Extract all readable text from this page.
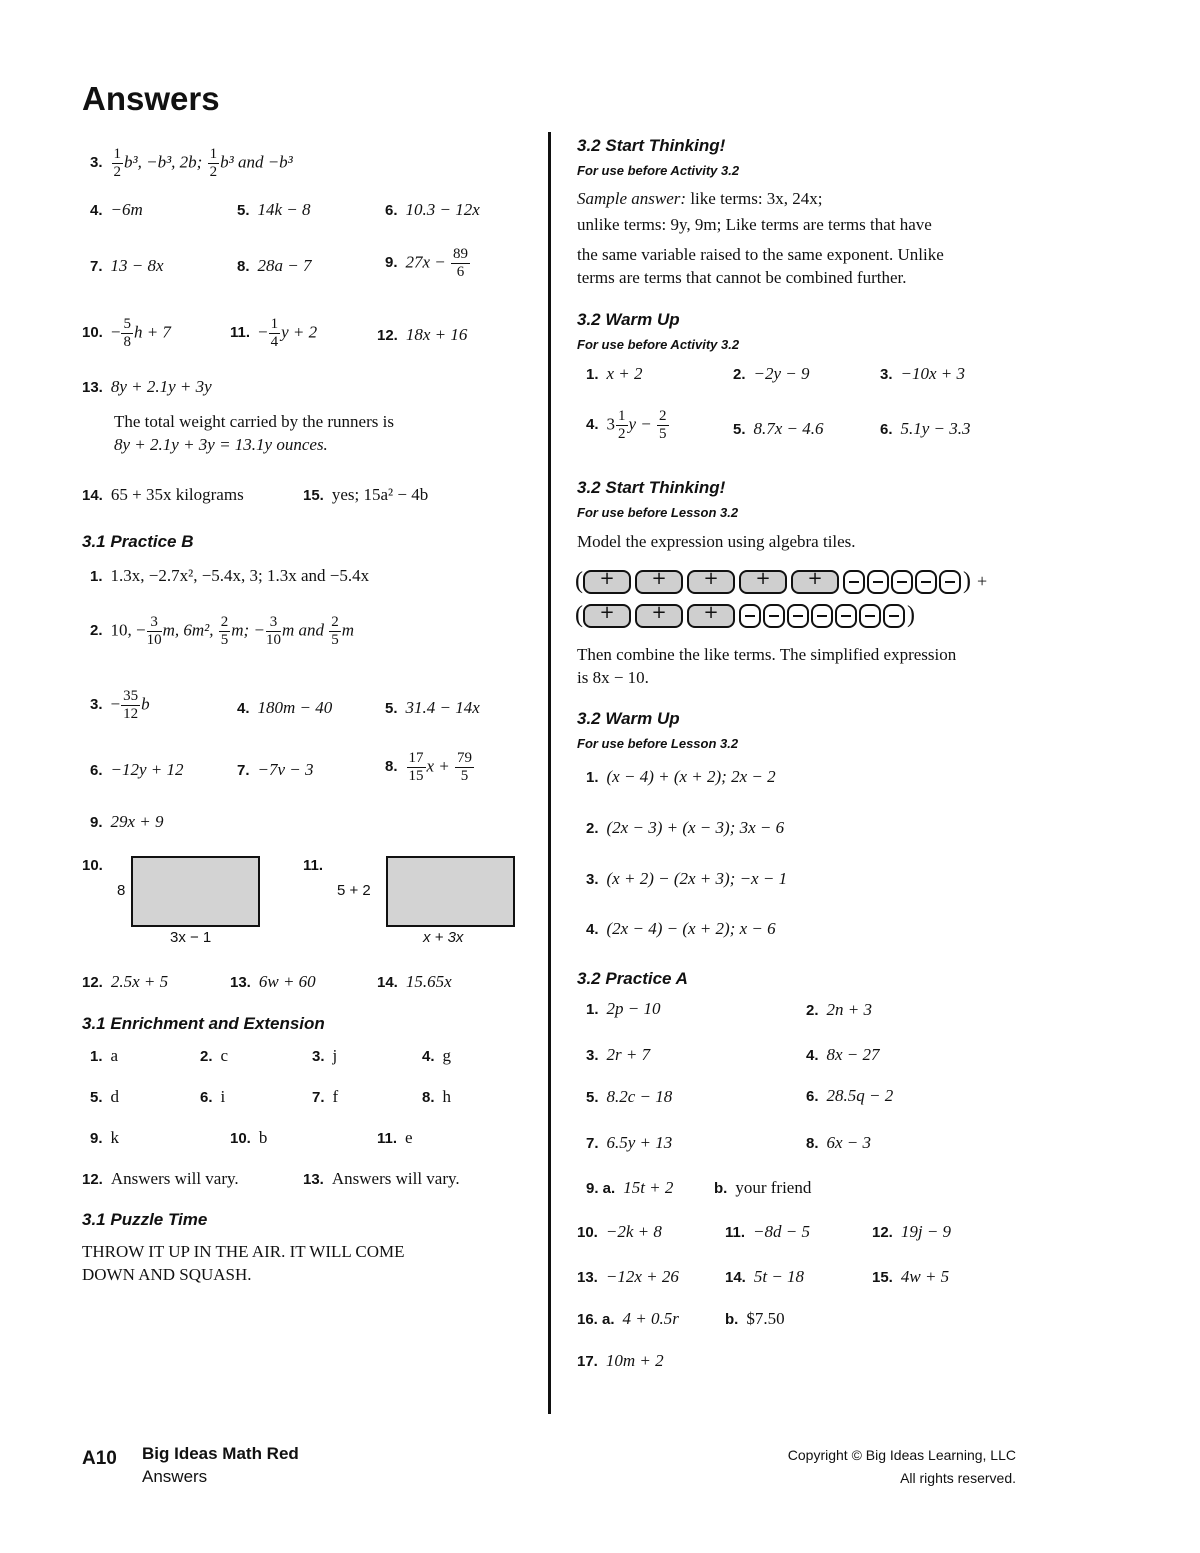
Answers
3. $\frac{1}{2} b^3$, −b³, 2b; $\frac{1}{2} b^3$ and −b³
4. −6m	5. 14k − 8	6. 10.3 − 12x
7. 13 − 8x	8. 28a − 7	9. $27x - \frac{89}{6}$
10. − $\frac{5}{8}$ h + 7	11. − $\frac{1}{4}$ y + 2	12. 18x + 16
13. 8y + 2.1y + 3y
The total weight carried by the runners is
8y + 2.1y + 3y = 13.1y ounces.
14. 65 + 35x kilograms	15. yes; 15a² − 4b
3.1 Practice B
1. 1.3x, −2.7x², −5.4x, 3; 1.3x and −5.4x
2. 10, − $\frac{3}{10} m$, 6m², $\frac{2}{5} m$; − $\frac{3}{10}$ m and $\frac{2}{5}$ m
3. − $\frac{35}{12}$ b	4. 180m − 40	5. 31.4 − 14x
6. −12y + 12	7. −7v − 3	8. $\frac{17}{15}$ $x + \frac{79}{5}$
9. 29x + 9
10.
8
3x − 1
11.
5 + 2
x + 3x
12. 2.5x + 5	13. 6w + 60	14. 15.65x
3.1 Enrichment and Extension
1. a	2. c	3. j	4. g
5. d	6. i	7. f	8. h
9. k	10. b	11. e
12. Answers will vary.	13. Answers will vary.
3.1 Puzzle Time
THROW IT UP IN THE AIR. IT WILL COME
DOWN AND SQUASH.
3.2 Start Thinking!
For use before Activity 3.2
Sample answer: like terms: 3x, 24x;
unlike terms: 9y, 9m; Like terms are terms that have
the same variable raised to the same exponent. Unlike
terms are terms that cannot be combined further.
3.2 Warm Up
For use before Activity 3.2
1. x + 2	2. −2y − 9	3. −10x + 3
4. $3 \frac{1}{2}$ $y - \frac{2}{5}$	5. 8.7x − 4.6	6. 5.1y − 3.3
3.2 Start Thinking!
For use before Lesson 3.2
Model the expression using algebra tiles.
( + + + + +	) +
( + + +	)
Then combine the like terms. The simplified expression
is 8x − 10.
3.2 Warm Up
For use before Lesson 3.2
1. (x − 4) + (x + 2); 2x − 2
2. (2x − 3) + (x − 3); 3x − 6
3. (x + 2) − (2x + 3); −x − 1
4. (2x − 4) − (x + 2); x − 6
3.2 Practice A
1. 2p − 10	2. 2n + 3
3. 2r + 7	4. 8x − 27
5. 8.2c − 18	6. 28.5q − 2
7. 6.5y + 13	8. 6x − 3
9. a. 15t + 2	b. your friend
10. −2k + 8	11. −8d − 5	12. 19j − 9
13. −12x + 26	14. 5t − 18	15. 4w + 5
16. a. 4 + 0.5r	b. $7.50
17. 10m + 2
A10 Big Ideas Math Red
Answers
Copyright © Big Ideas Learning, LLC
All rights reserved.
